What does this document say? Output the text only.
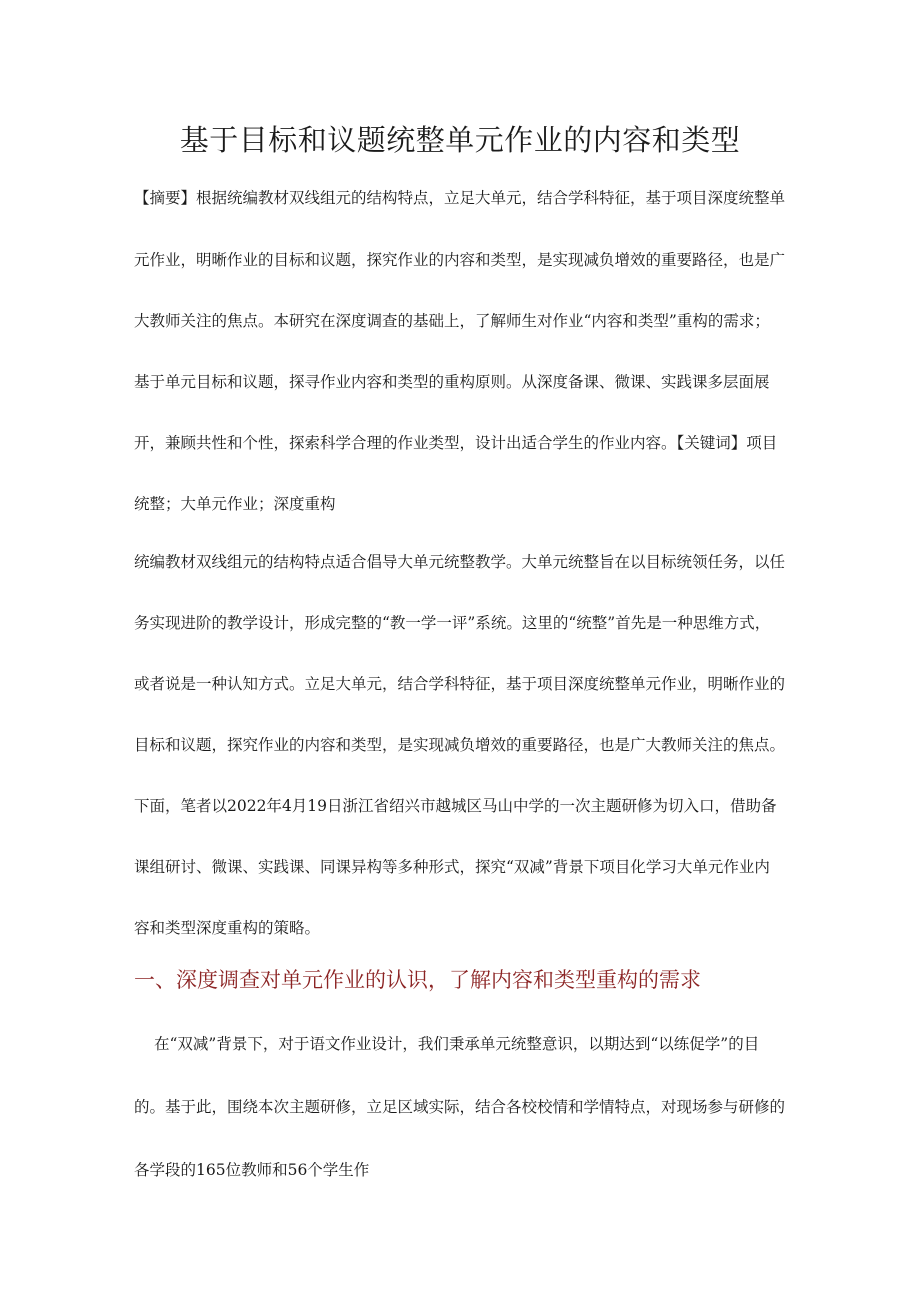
基于目标和议题统整单元作业的内容和类型

【摘要】根据统编教材双线组元的结构特点，立足大单元，结合学科特征，基于项目深度统整单

元作业，明晰作业的目标和议题，探究作业的内容和类型，是实现减负增效的重要路径，也是广

大教师关注的焦点。本研究在深度调查的基础上，了解师生对作业“内容和类型”重构的需求；

基于单元目标和议题，探寻作业内容和类型的重构原则。从深度备课、微课、实践课多层面展

开，兼顾共性和个性，探索科学合理的作业类型，设计出适合学生的作业内容。【关键词】项目

统整；大单元作业；深度重构

统编教材双线组元的结构特点适合倡导大单元统整教学。大单元统整旨在以目标统领任务，以任

务实现进阶的教学设计，形成完整的“教一学一评”系统。这里的“统整”首先是一种思维方式，

或者说是一种认知方式。立足大单元，结合学科特征，基于项目深度统整单元作业，明晰作业的

目标和议题，探究作业的内容和类型，是实现减负增效的重要路径，也是广大教师关注的焦点。

下面，笔者以2022年4月19日浙江省绍兴市越城区马山中学的一次主题研修为切入口，借助备

课组研讨、微课、实践课、同课异构等多种形式，探究“双减”背景下项目化学习大单元作业内

容和类型深度重构的策略。

一、深度调查对单元作业的认识，了解内容和类型重构的需求

在“双减”背景下，对于语文作业设计，我们秉承单元统整意识，以期达到“以练促学”的目

的。基于此，围绕本次主题研修，立足区域实际，结合各校校情和学情特点，对现场参与研修的

各学段的165位教师和56个学生作
